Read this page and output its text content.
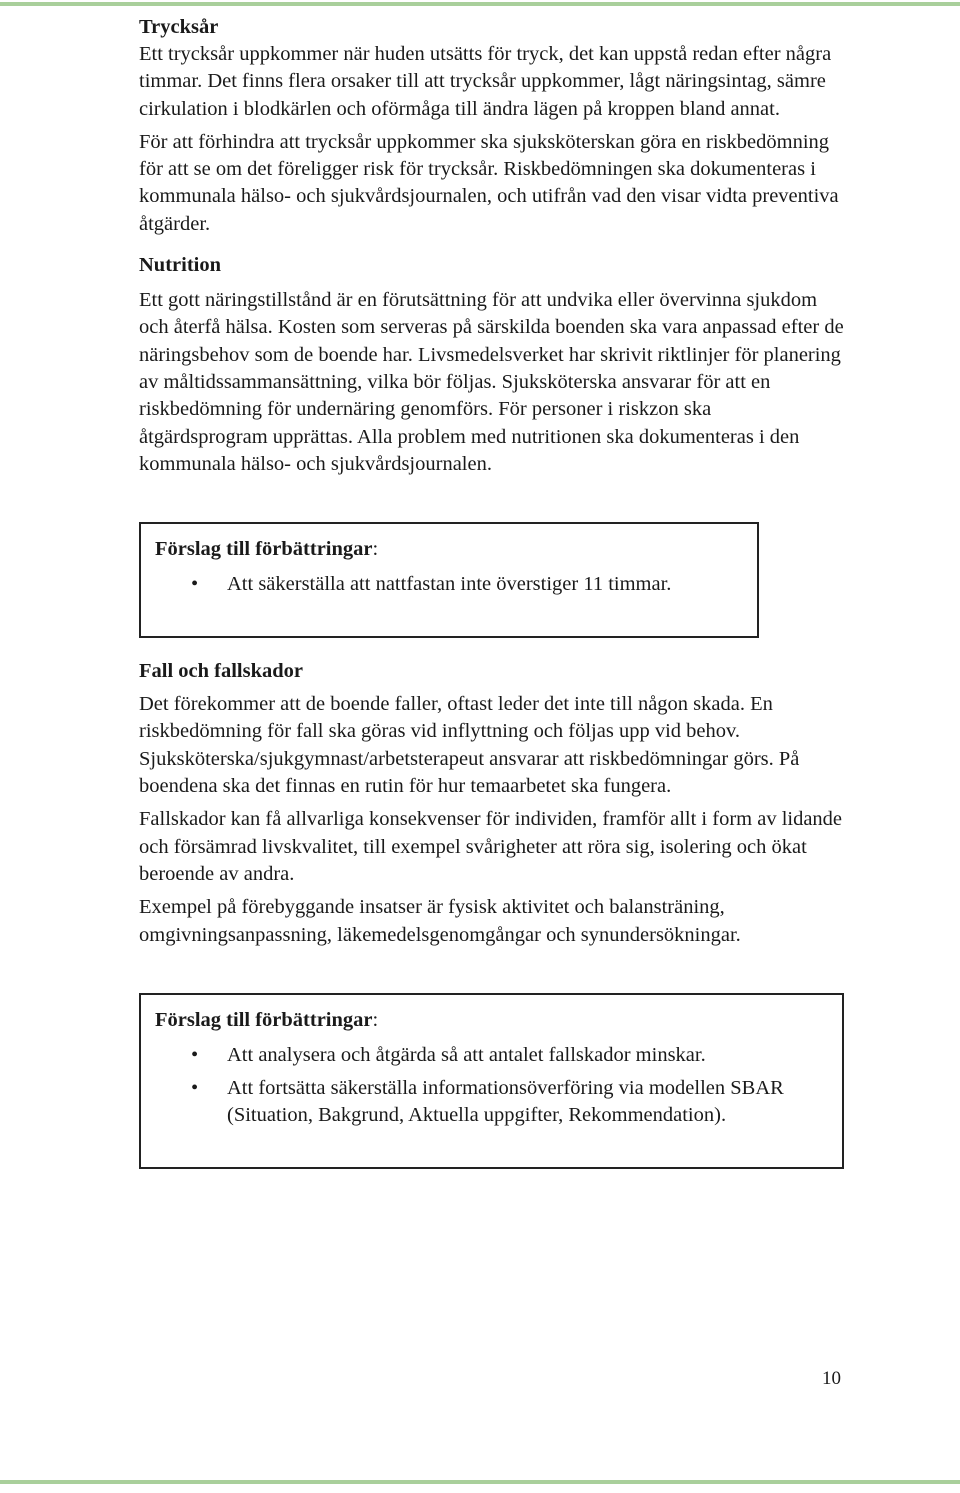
Trycksår

Ett trycksår uppkommer när huden utsätts för tryck, det kan uppstå redan efter några timmar. Det finns flera orsaker till att trycksår uppkommer, lågt näringsintag, sämre cirkulation i blodkärlen och oförmåga till ändra lägen på kroppen bland annat.

För att förhindra att trycksår uppkommer ska sjuksköterskan göra en riskbedömning för att se om det föreligger risk för trycksår. Riskbedömningen ska dokumenteras i kommunala hälso- och sjukvårdsjournalen, och utifrån vad den visar vidta preventiva åtgärder.

Nutrition

Ett gott näringstillstånd är en förutsättning för att undvika eller övervinna sjukdom och återfå hälsa. Kosten som serveras på särskilda boenden ska vara anpassad efter de näringsbehov som de boende har. Livsmedelsverket har skrivit riktlinjer för planering av måltidssammansättning, vilka bör följas. Sjuksköterska ansvarar för att en riskbedömning för undernäring genomförs. För personer i riskzon ska åtgärdsprogram upprättas. Alla problem med nutritionen ska dokumenteras i den kommunala hälso- och sjukvårdsjournalen.

Förslag till förbättringar:

• Att säkerställa att nattfastan inte överstiger 11 timmar.

Fall och fallskador

Det förekommer att de boende faller, oftast leder det inte till någon skada. En riskbedömning för fall ska göras vid inflyttning och följas upp vid behov. Sjuksköterska/sjukgymnast/arbetsterapeut ansvarar att riskbedömningar görs. På boendena ska det finnas en rutin för hur temaarbetet ska fungera.

Fallskador kan få allvarliga konsekvenser för individen, framför allt i form av lidande och försämrad livskvalitet, till exempel svårigheter att röra sig, isolering och ökat beroende av andra.

Exempel på förebyggande insatser är fysisk aktivitet och balansträning, omgivningsanpassning, läkemedelsgenomgångar och synundersökningar.

Förslag till förbättringar:

• Att analysera och åtgärda så att antalet fallskador minskar.
• Att fortsätta säkerställa informationsöverföring via modellen SBAR (Situation, Bakgrund, Aktuella uppgifter, Rekommendation).
10
